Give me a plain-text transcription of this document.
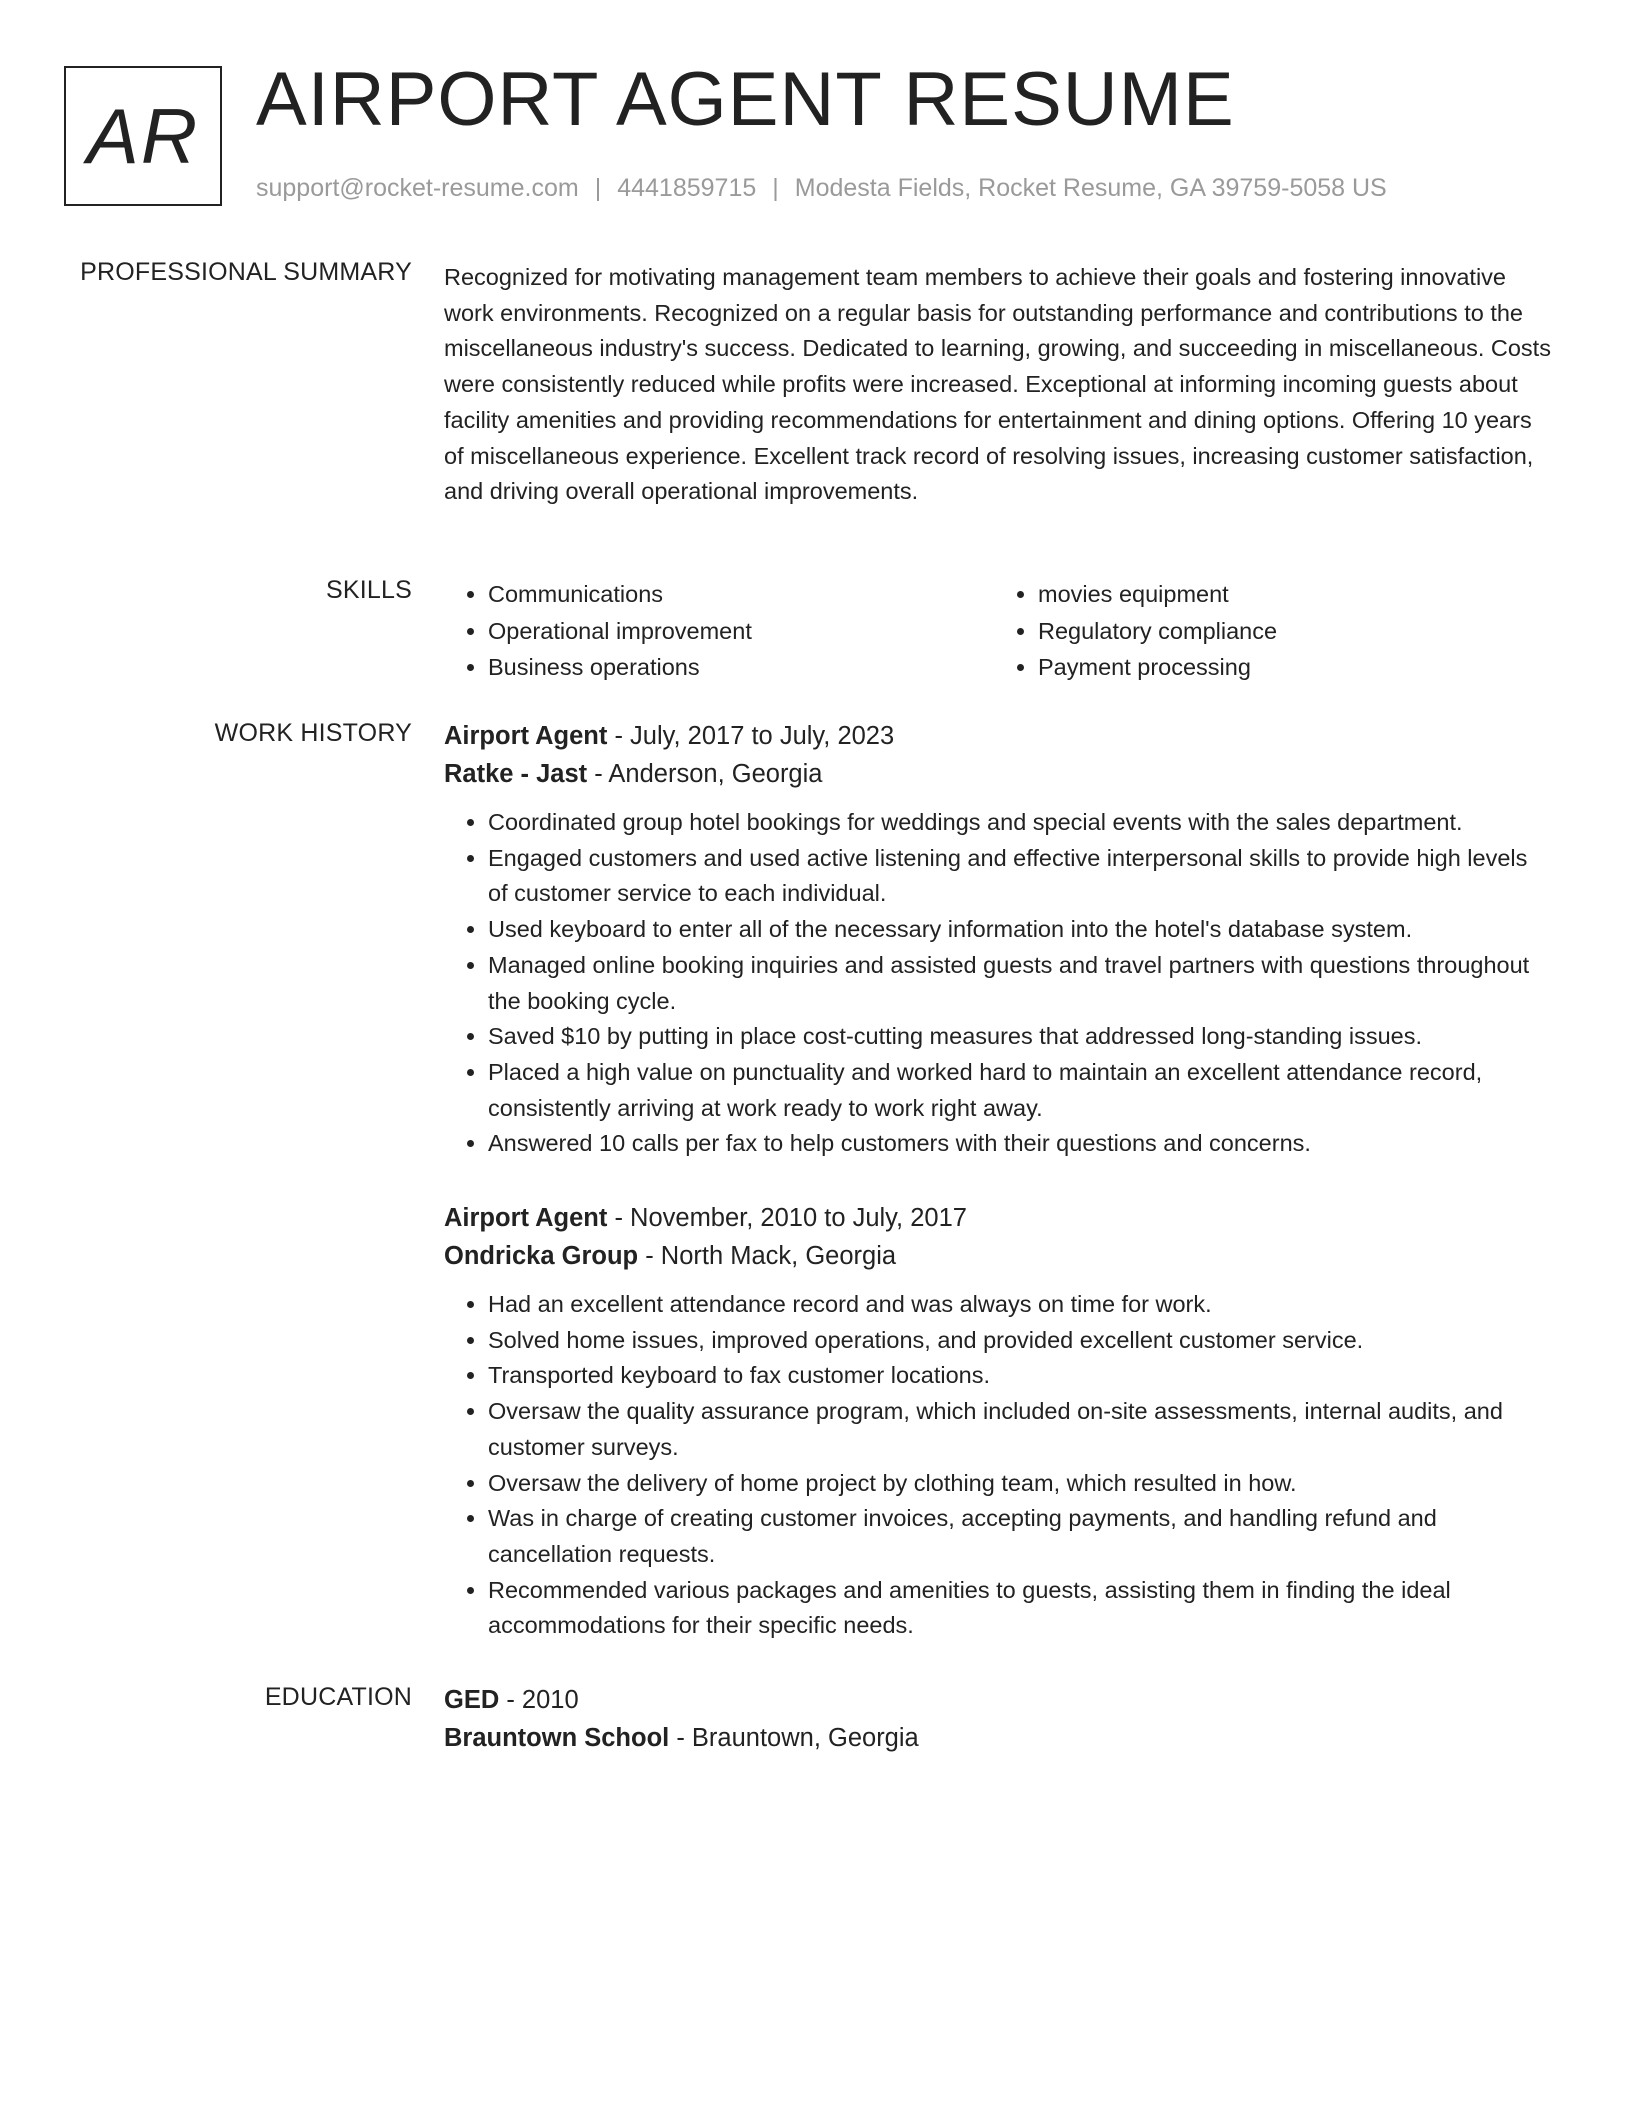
AR AIRPORT AGENT RESUME
support@rocket-resume.com | 4441859715 | Modesta Fields, Rocket Resume, GA 39759-5058 US
PROFESSIONAL SUMMARY Recognized for motivating management team members to achieve their goals and fostering innovative work environments. Recognized on a regular basis for outstanding performance and contributions to the miscellaneous industry's success. Dedicated to learning, growing, and succeeding in miscellaneous. Costs were consistently reduced while profits were increased. Exceptional at informing incoming guests about facility amenities and providing recommendations for entertainment and dining options. Offering 10 years of miscellaneous experience. Excellent track record of resolving issues, increasing customer satisfaction, and driving overall operational improvements.

SKILLS
•	Communications
• Operational improvement
• Business operations
• movies equipment
• Regulatory compliance
• Payment processing
WORK HISTORY Airport Agent - July, 2017 to July, 2023
Ratke - Jast - Anderson, Georgia
• Coordinated group hotel bookings for weddings and special events with the sales department.
• Engaged customers and used active listening and effective interpersonal skills to provide high levels of customer service to each individual.
• Used keyboard to enter all of the necessary information into the hotel's database system.
• Managed online booking inquiries and assisted guests and travel partners with questions throughout the booking cycle.
• Saved $10 by putting in place cost-cutting measures that addressed long-standing issues.
• Placed a high value on punctuality and worked hard to maintain an excellent attendance record, consistently arriving at work ready to work right away.
• Answered 10 calls per fax to help customers with their questions and concerns.
Airport Agent - November, 2010 to July, 2017
Ondricka Group - North Mack, Georgia
• Had an excellent attendance record and was always on time for work.
• Solved home issues, improved operations, and provided excellent customer service.
• Transported keyboard to fax customer locations.
• Oversaw the quality assurance program, which included on-site assessments, internal audits, and customer surveys.
• Oversaw the delivery of home project by clothing team, which resulted in how.
• Was in charge of creating customer invoices, accepting payments, and handling refund and cancellation requests.
• Recommended various packages and amenities to guests, assisting them in finding the ideal accommodations for their specific needs.
EDUCATION GED - 2010
Brauntown School - Brauntown, Georgia
